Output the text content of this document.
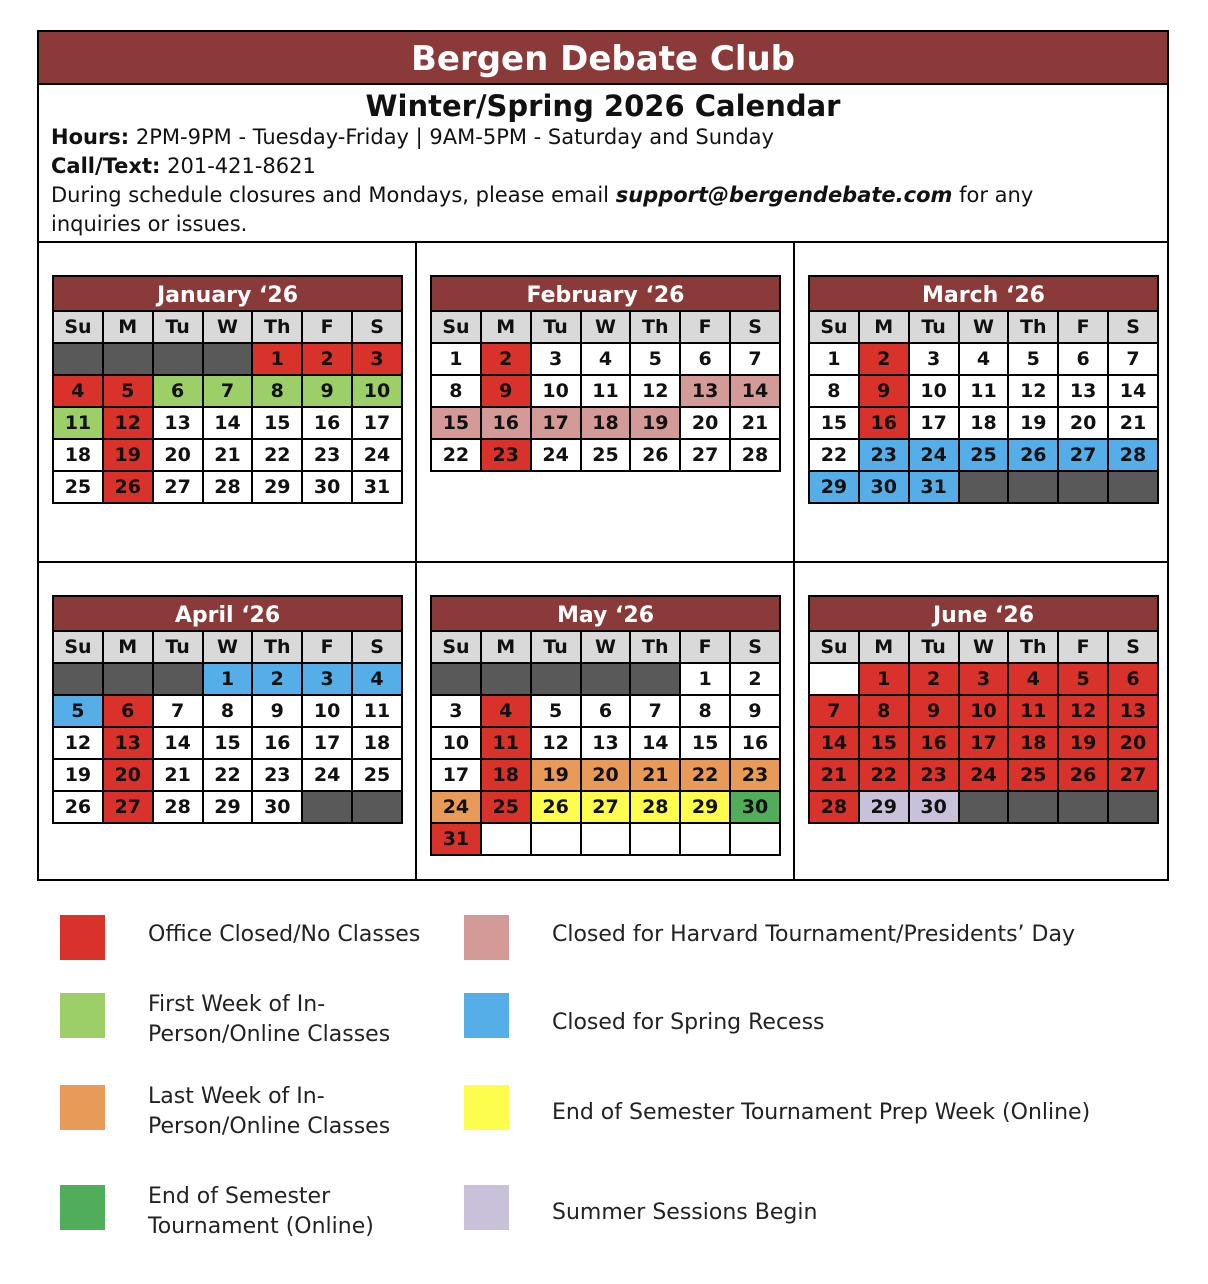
Bergen Debate Club
Winter/Spring 2026 Calendar
Hours: 2PM-9PM - Tuesday-Friday | 9AM-5PM - Saturday and Sunday
Call/Text: 201-421-8621
During schedule closures and Mondays, please email support@bergendebate.com for any inquiries or issues.
January ‘26
Su	M	Tu	W	Th	F	S
				1	2	3
4	5	6	7	8	9	10
11	12	13	14	15	16	17
18	19	20	21	22	23	24
25	26	27	28	29	30	31
February ‘26
Su	M	Tu	W	Th	F	S
1	2	3	4	5	6	7
8	9	10	11	12	13	14
15	16	17	18	19	20	21
22	23	24	25	26	27	28
March ‘26
Su	M	Tu	W	Th	F	S
1	2	3	4	5	6	7
8	9	10	11	12	13	14
15	16	17	18	19	20	21
22	23	24	25	26	27	28
29	30	31				
April ‘26
Su	M	Tu	W	Th	F	S
			1	2	3	4
5	6	7	8	9	10	11
12	13	14	15	16	17	18
19	20	21	22	23	24	25
26	27	28	29	30		
May ‘26
Su	M	Tu	W	Th	F	S
					1	2
3	4	5	6	7	8	9
10	11	12	13	14	15	16
17	18	19	20	21	22	23
24	25	26	27	28	29	30
31						
June ‘26
Su	M	Tu	W	Th	F	S
	1	2	3	4	5	6
7	8	9	10	11	12	13
14	15	16	17	18	19	20
21	22	23	24	25	26	27
28	29	30				
Office Closed/No Classes
First Week of In-Person/Online Classes
Last Week of In-Person/Online Classes
End of Semester Tournament (Online)
Closed for Harvard Tournament/Presidents’ Day
Closed for Spring Recess
End of Semester Tournament Prep Week (Online)
Summer Sessions Begin
